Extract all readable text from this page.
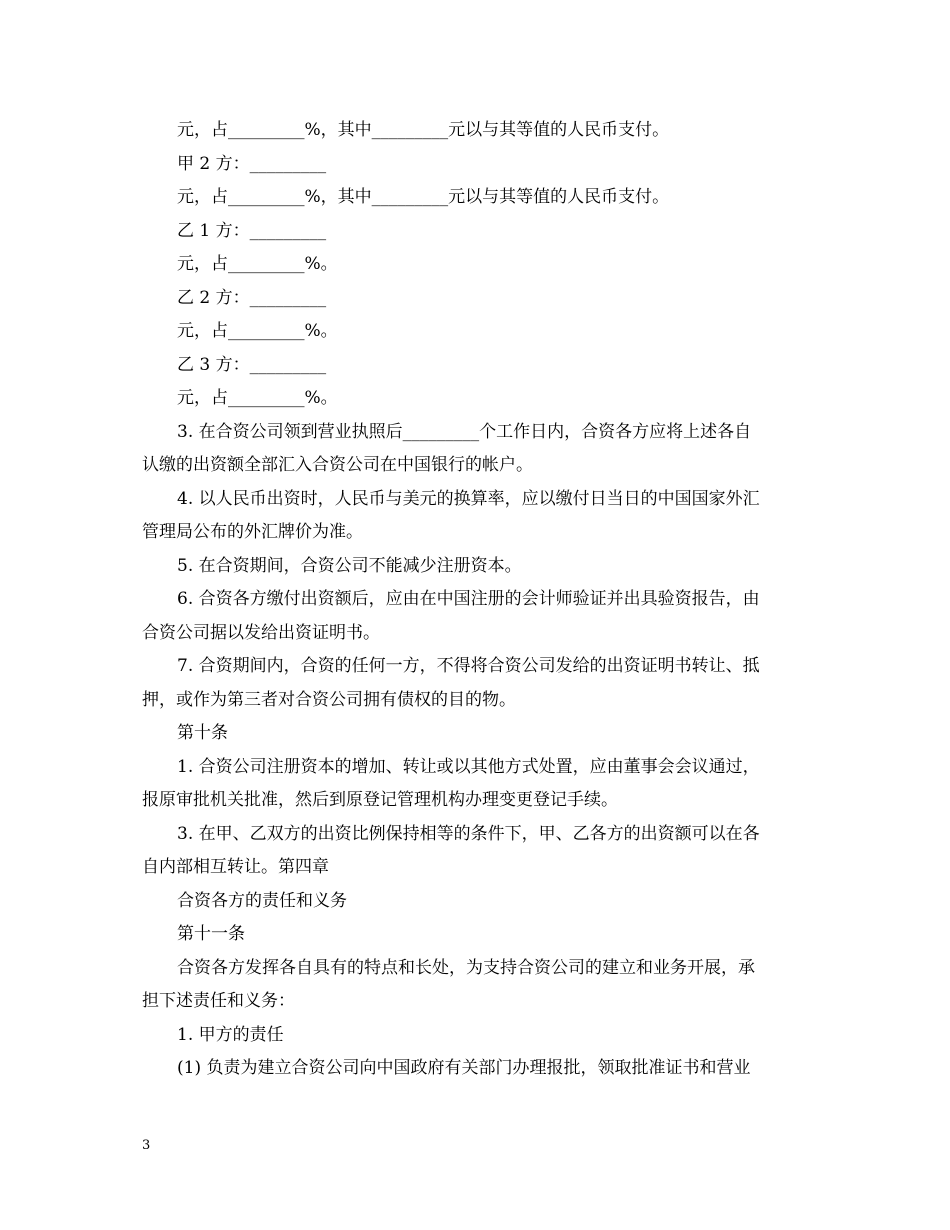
元，占_________%，其中_________元以与其等值的人民币支付。
甲 2 方：_________
元，占_________%，其中_________元以与其等值的人民币支付。
乙 1 方：_________
元，占_________%。
乙 2 方：_________
元，占_________%。
乙 3 方：_________
元，占_________%。
3. 在合资公司领到营业执照后_________个工作日内，合资各方应将上述各自
认缴的出资额全部汇入合资公司在中国银行的帐户。
4. 以人民币出资时，人民币与美元的换算率，应以缴付日当日的中国国家外汇
管理局公布的外汇牌价为准。
5. 在合资期间，合资公司不能减少注册资本。
6. 合资各方缴付出资额后，应由在中国注册的会计师验证并出具验资报告，由
合资公司据以发给出资证明书。
7. 合资期间内，合资的任何一方，不得将合资公司发给的出资证明书转让、抵
押，或作为第三者对合资公司拥有债权的目的物。
第十条
1. 合资公司注册资本的增加、转让或以其他方式处置，应由董事会会议通过，
报原审批机关批准，然后到原登记管理机构办理变更登记手续。
3. 在甲、乙双方的出资比例保持相等的条件下，甲、乙各方的出资额可以在各
自内部相互转让。第四章
合资各方的责任和义务
第十一条
合资各方发挥各自具有的特点和长处，为支持合资公司的建立和业务开展，承
担下述责任和义务：
1. 甲方的责任
(1) 负责为建立合资公司向中国政府有关部门办理报批，领取批准证书和营业
3
